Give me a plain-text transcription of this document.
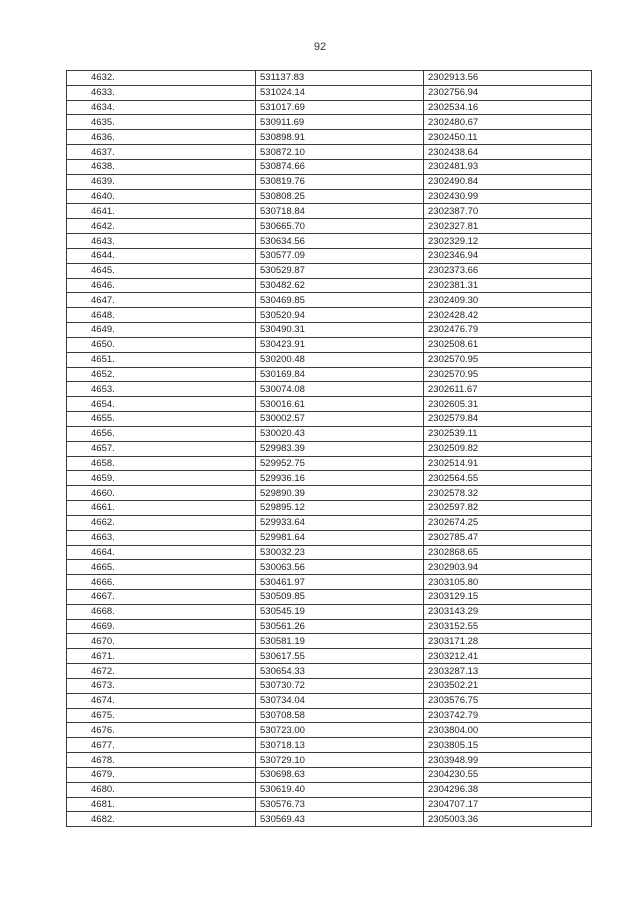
92
4632.	531137.83	2302913.56
4633.	531024.14	2302756.94
4634.	531017.69	2302534.16
4635.	530911.69	2302480.67
4636.	530898.91	2302450.11
4637.	530872.10	2302438.64
4638.	530874.66	2302481.93
4639.	530819.76	2302490.84
4640.	530808.25	2302430.99
4641.	530718.84	2302387.70
4642.	530665.70	2302327.81
4643.	530634.56	2302329.12
4644.	530577.09	2302346.94
4645.	530529.87	2302373.66
4646.	530482.62	2302381.31
4647.	530469.85	2302409.30
4648.	530520.94	2302428.42
4649.	530490.31	2302476.79
4650.	530423.91	2302508.61
4651.	530200.48	2302570.95
4652.	530169.84	2302570.95
4653.	530074.08	2302611.67
4654.	530016.61	2302605.31
4655.	530002.57	2302579.84
4656.	530020.43	2302539.11
4657.	529983.39	2302509.82
4658.	529952.75	2302514.91
4659.	529936.16	2302564.55
4660.	529890.39	2302578.32
4661.	529895.12	2302597.82
4662.	529933.64	2302674.25
4663.	529981.64	2302785.47
4664.	530032.23	2302868.65
4665.	530063.56	2302903.94
4666.	530461.97	2303105.80
4667.	530509.85	2303129.15
4668.	530545.19	2303143.29
4669.	530561.26	2303152.55
4670.	530581.19	2303171.28
4671.	530617.55	2303212.41
4672.	530654.33	2303287.13
4673.	530730.72	2303502.21
4674.	530734.04	2303576.75
4675.	530708.58	2303742.79
4676.	530723.00	2303804.00
4677.	530718.13	2303805.15
4678.	530729.10	2303948.99
4679.	530698.63	2304230.55
4680.	530619.40	2304296.38
4681.	530576.73	2304707.17
4682.	530569.43	2305003.36
